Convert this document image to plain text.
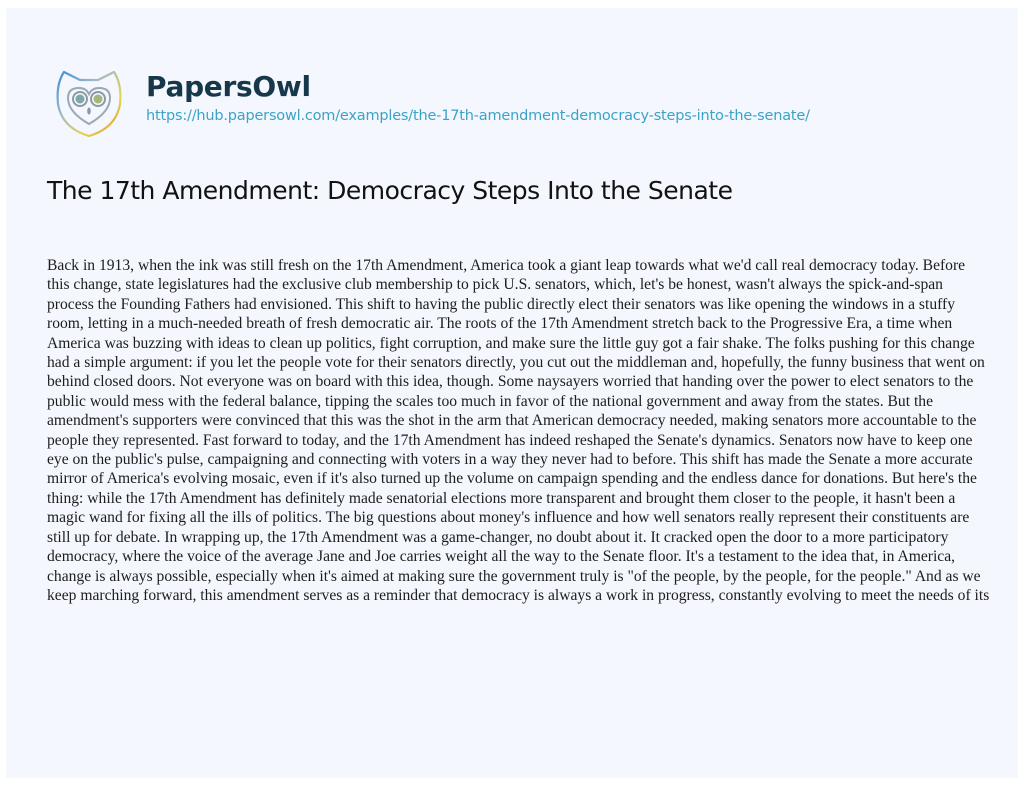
PapersOwl
https://hub.papersowl.com/examples/the-17th-amendment-democracy-steps-into-the-senate/
The 17th Amendment: Democracy Steps Into the Senate

Back in 1913, when the ink was still fresh on the 17th Amendment, America took a giant leap towards what we'd call real democracy today. Before this change, state legislatures had the exclusive club membership to pick U.S. senators, which, let's be honest, wasn't always the spick-and-span process the Founding Fathers had envisioned. This shift to having the public directly elect their senators was like opening the windows in a stuffy room, letting in a much-needed breath of fresh democratic air. The roots of the 17th Amendment stretch back to the Progressive Era, a time when America was buzzing with ideas to clean up politics, fight corruption, and make sure the little guy got a fair shake. The folks pushing for this change had a simple argument: if you let the people vote for their senators directly, you cut out the middleman and, hopefully, the funny business that went on behind closed doors. Not everyone was on board with this idea, though. Some naysayers worried that handing over the power to elect senators to the public would mess with the federal balance, tipping the scales too much in favor of the national government and away from the states. But the amendment's supporters were convinced that this was the shot in the arm that American democracy needed, making senators more accountable to the people they represented. Fast forward to today, and the 17th Amendment has indeed reshaped the Senate's dynamics. Senators now have to keep one eye on the public's pulse, campaigning and connecting with voters in a way they never had to before. This shift has made the Senate a more accurate mirror of America's evolving mosaic, even if it's also turned up the volume on campaign spending and the endless dance for donations. But here's the thing: while the 17th Amendment has definitely made senatorial elections more transparent and brought them closer to the people, it hasn't been a magic wand for fixing all the ills of politics. The big questions about money's influence and how well senators really represent their constituents are still up for debate. In wrapping up, the 17th Amendment was a game-changer, no doubt about it. It cracked open the door to a more participatory democracy, where the voice of the average Jane and Joe carries weight all the way to the Senate floor. It's a testament to the idea that, in America, change is always possible, especially when it's aimed at making sure the government truly is "of the people, by the people, for the people." And as we keep marching forward, this amendment serves as a reminder that democracy is always a work in progress, constantly evolving to meet the needs of its
